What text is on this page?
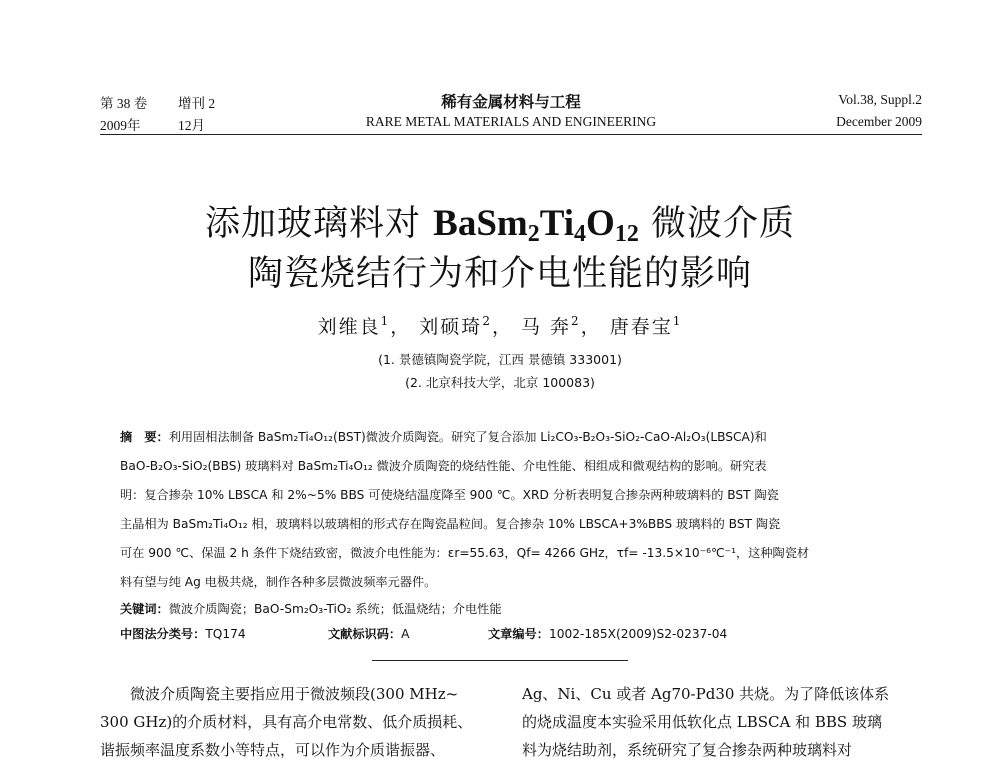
第 38 卷 增刊 2
2009年	12月
稀有金属材料与工程
RARE METAL MATERIALS AND ENGINEERING
Vol.38, Suppl.2
December 2009
添加玻璃料对 $BaSm_2Ti_4O_{12}$ 微波介质
陶瓷烧结行为和介电性能的影响
刘维良$^1$， 刘硕琦$^2$， 马 奔$^2$， 唐春宝$^1$
(1. 景德镇陶瓷学院，江西 景德镇 333001)
(2. 北京科技大学，北京 100083)
摘　要：利用固相法制备 BaSm₂Ti₄O₁₂(BST)微波介质陶瓷。研究了复合添加 Li₂CO₃-B₂O₃-SiO₂-CaO-Al₂O₃(LBSCA)和
BaO-B₂O₃-SiO₂(BBS) 玻璃料对 BaSm₂Ti₄O₁₂ 微波介质陶瓷的烧结性能、介电性能、相组成和微观结构的影响。研究表
明：复合掺杂 10% LBSCA 和 2%~5% BBS 可使烧结温度降至 900 ℃。XRD 分析表明复合掺杂两种玻璃料的 BST 陶瓷
主晶相为 BaSm₂Ti₄O₁₂ 相，玻璃料以玻璃相的形式存在陶瓷晶粒间。复合掺杂 10% LBSCA+3%BBS 玻璃料的 BST 陶瓷
可在 900 ℃、保温 2 h 条件下烧结致密，微波介电性能为：εr=55.63，Qf= 4266 GHz，τf= -13.5×10⁻⁶℃⁻¹，这种陶瓷材
料有望与纯 Ag 电极共烧，制作各种多层微波频率元器件。
关键词：微波介质陶瓷；BaO-Sm₂O₃-TiO₂ 系统；低温烧结；介电性能
中图法分类号：TQ174	文献标识码：A	文章编号：1002-185X(2009)S2-0237-04
微波介质陶瓷主要指应用于微波频段(300 MHz~
300 GHz)的介质材料，具有高介电常数、低介质损耗、
谐振频率温度系数小等特点，可以作为介质谐振器、
Ag、Ni、Cu 或者 Ag70-Pd30 共烧。为了降低该体系
的烧成温度本实验采用低软化点 LBSCA 和 BBS 玻璃
料为烧结助剂，系统研究了复合掺杂两种玻璃料对
